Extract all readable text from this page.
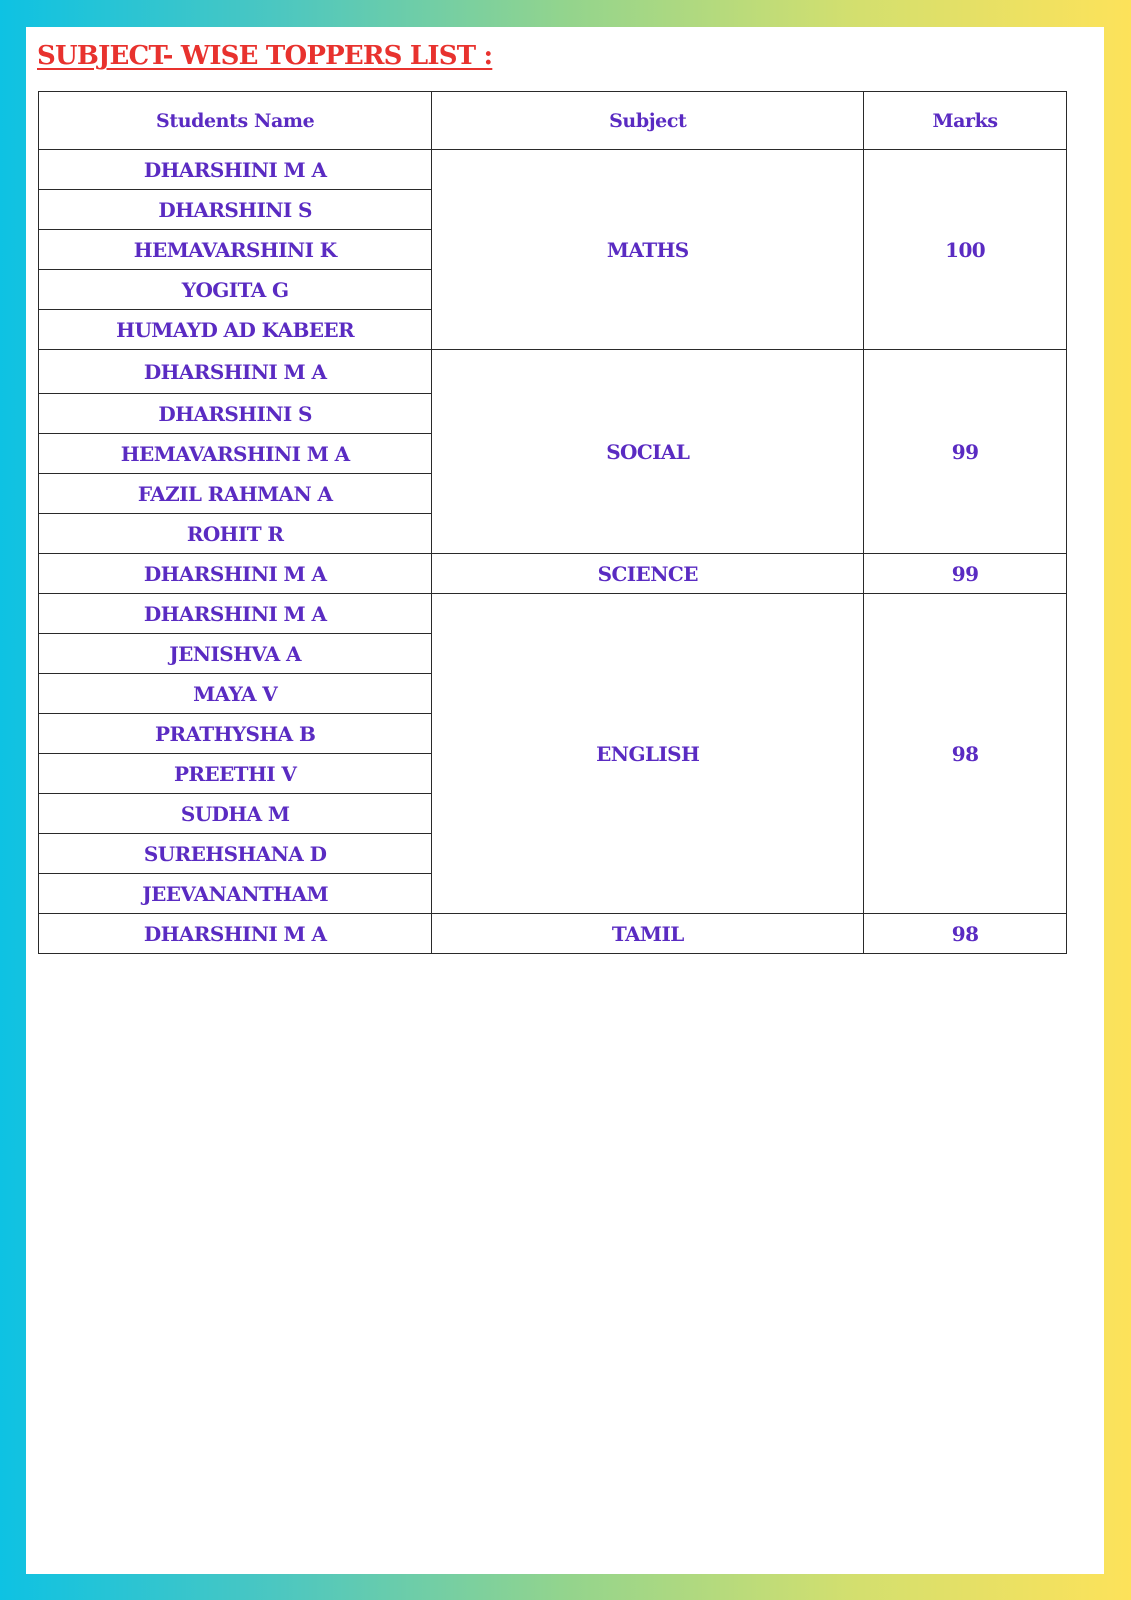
SUBJECT- WISE TOPPERS LIST :
Students Name	Subject	Marks
DHARSHINI M A	MATHS	100
DHARSHINI S		
HEMAVARSHINI K		
YOGITA G		
HUMAYD AD KABEER		
DHARSHINI M A	SOCIAL	99
DHARSHINI S		
HEMAVARSHINI M A		
FAZIL RAHMAN A		
ROHIT R		
DHARSHINI M A	SCIENCE	99
DHARSHINI M A	ENGLISH	98
JENISHVA A		
MAYA V		
PRATHYSHA B		
PREETHI V		
SUDHA M		
SUREHSHANA D		
JEEVANANTHAM		
DHARSHINI M A	TAMIL	98
